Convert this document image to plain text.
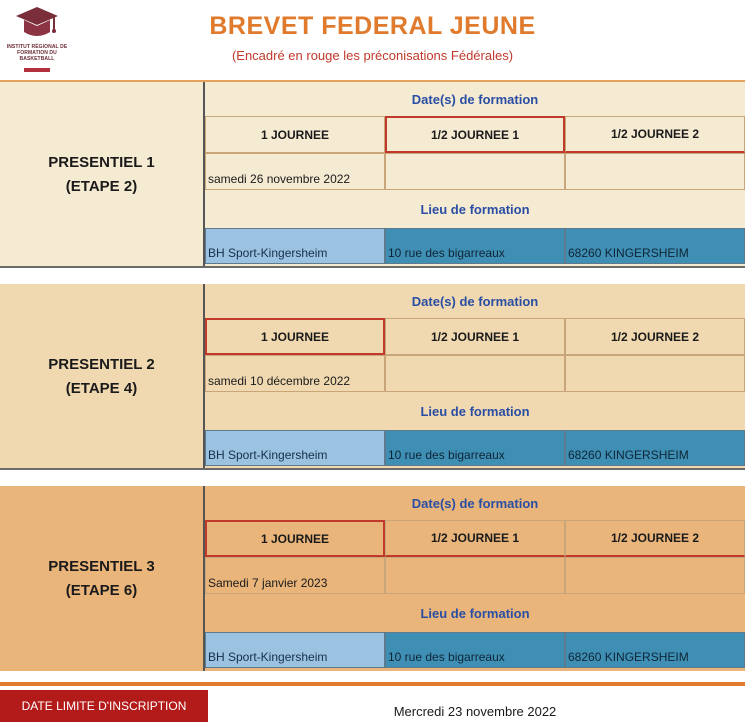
INSTITUT RÉGIONAL DE FORMATION DU BASKETBALL
BREVET FEDERAL JEUNE
(Encadré en rouge les préconisations Fédérales)
PRESENTIEL 1
(ETAPE 2)
Date(s) de formation
1 JOURNEE	1/2 JOURNEE 1	1/2 JOURNEE 2
samedi 26 novembre 2022
Lieu de formation
BH Sport-Kingersheim	10 rue des bigarreaux	68260 KINGERSHEIM
PRESENTIEL 2
(ETAPE 4)
Date(s) de formation
1 JOURNEE	1/2 JOURNEE 1	1/2 JOURNEE 2
samedi 10 décembre 2022
Lieu de formation
BH Sport-Kingersheim	10 rue des bigarreaux	68260 KINGERSHEIM
PRESENTIEL 3
(ETAPE 6)
Date(s) de formation
1 JOURNEE	1/2 JOURNEE 1	1/2 JOURNEE 2
Samedi 7 janvier 2023
Lieu de formation
BH Sport-Kingersheim	10 rue des bigarreaux	68260 KINGERSHEIM
DATE LIMITE D'INSCRIPTION	Mercredi 23 novembre 2022
